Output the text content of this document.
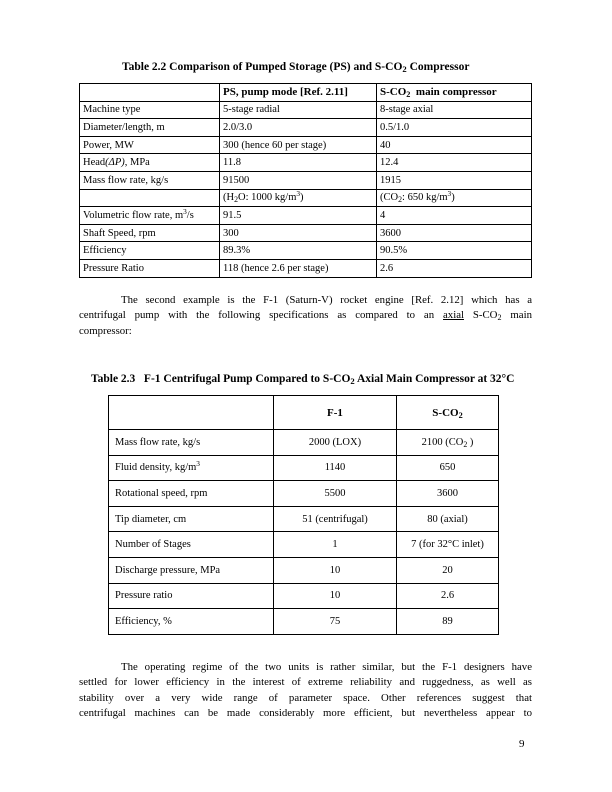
Table 2.2 Comparison of Pumped Storage (PS) and $S-CO_2$ Compressor
	PS, pump mode [Ref. 2.11]	$S-CO_2$  main compressor
Machine type	5-stage radial	8-stage axial
Diameter/length, m	2.0/3.0	0.5/1.0
Power, MW	300 (hence 60 per stage)	40
Head(ΔP), MPa	11.8	12.4
Mass flow rate, kg/s	91500	1915
	($H_2O$: 1000 $kg/m^3$)	($CO_2$: 650 $kg/m^3$)
Volumetric flow rate, $m^3/s$	91.5	4
Shaft Speed, rpm	300	3600
Efficiency	89.3%	90.5%
Pressure Ratio	118 (hence 2.6 per stage)	2.6
The second example is the F-1 (Saturn-V) rocket engine [Ref. 2.12] which has a
centrifugal pump with the following specifications as compared to an axial $S-CO_2$ main
compressor:
Table 2.3   F-1 Centrifugal Pump Compared to $S-CO_2$ Axial Main Compressor at 32°C
	F-1	$S-CO_2$
Mass flow rate, kg/s	2000 (LOX)	2100 ($CO_2$ )
Fluid density, $kg/m^3$	1140	650
Rotational speed, rpm	5500	3600
Tip diameter, cm	51 (centrifugal)	80 (axial)
Number of Stages	1	7 (for 32°C inlet)
Discharge pressure, MPa	10	20
Pressure ratio	10	2.6
Efficiency, %	75	89
The operating regime of the two units is rather similar, but the F-1 designers have
settled for lower efficiency in the interest of extreme reliability and ruggedness, as well as
stability over a very wide range of parameter space. Other references suggest that
centrifugal machines can be made considerably more efficient, but nevertheless appear to
9
